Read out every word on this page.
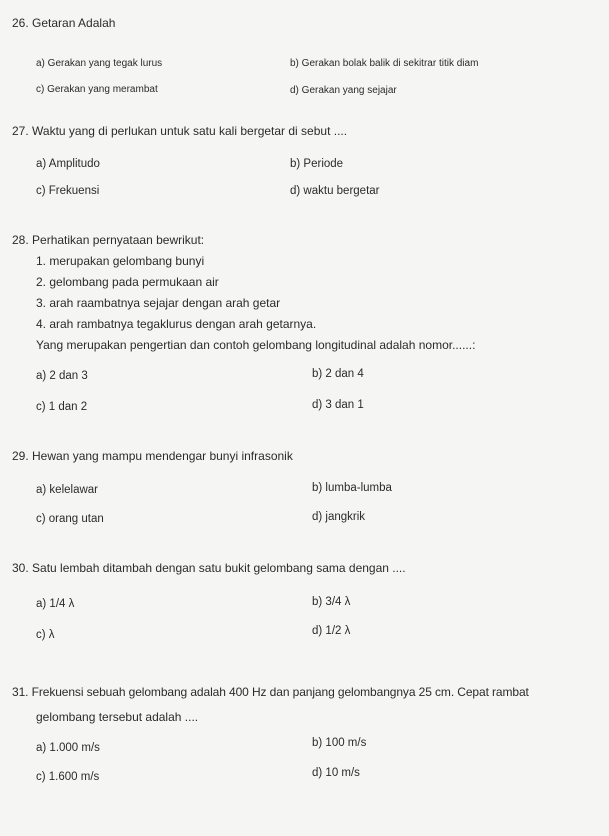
26. Getaran Adalah
a) Gerakan yang tegak lurus	b) Gerakan bolak balik di sekitrar titik diam
c) Gerakan yang merambat	d) Gerakan yang sejajar
27. Waktu yang di perlukan untuk satu kali bergetar di sebut ....
a) Amplitudo	b) Periode
c) Frekuensi	d) waktu bergetar
28. Perhatikan pernyataan bewrikut:
1. merupakan gelombang bunyi
2. gelombang pada permukaan air
3. arah raambatnya sejajar dengan arah getar
4. arah rambatnya tegaklurus dengan arah getarnya.
Yang merupakan pengertian dan contoh gelombang longitudinal adalah nomor......:
a) 2 dan 3	b) 2 dan 4
c) 1 dan 2	d) 3 dan 1
29. Hewan yang mampu mendengar bunyi infrasonik
a) kelelawar	b) lumba-lumba
c) orang utan	d) jangkrik
30. Satu lembah ditambah dengan satu bukit gelombang sama dengan ....
a) 1/4 λ	b) 3/4 λ
c) λ	d) 1/2 λ
31. Frekuensi sebuah gelombang adalah 400 Hz dan panjang gelombangnya 25 cm. Cepat rambat
gelombang tersebut adalah ....
a) 1.000 m/s	b) 100 m/s
c) 1.600 m/s	d) 10 m/s
